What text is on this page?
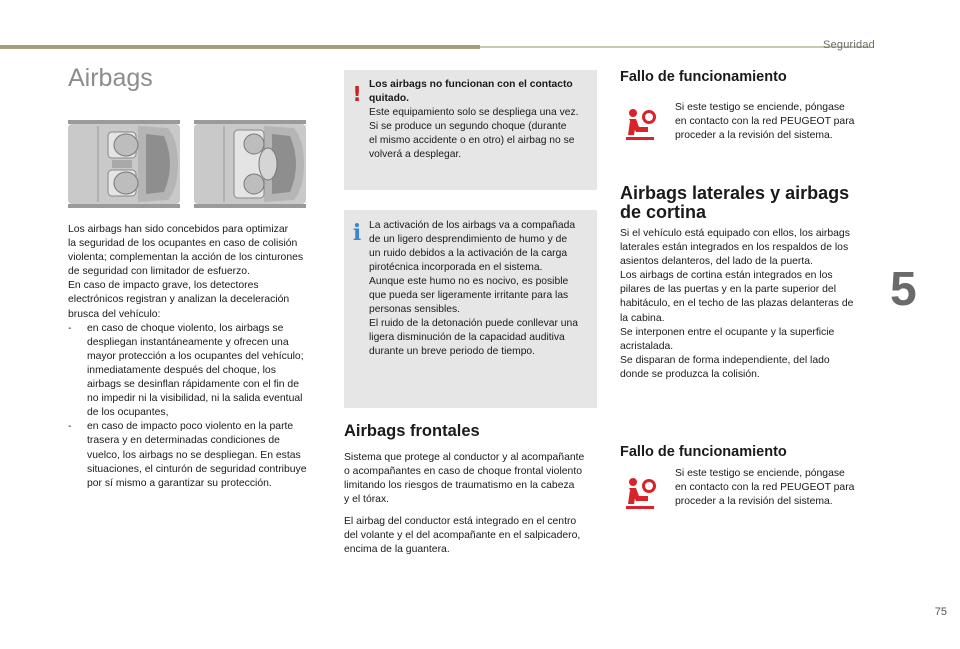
Seguridad
5
75
Airbags

Los airbags han sido concebidos para optimizar

la seguridad de los ocupantes en caso de colisión

violenta; complementan la acción de los cinturones

de seguridad con limitador de esfuerzo.

En caso de impacto grave, los detectores

electrónicos registran y analizan la deceleración

brusca del vehículo:

- en caso de choque violento, los airbags se

despliegan instantáneamente y ofrecen una

mayor protección a los ocupantes del vehículo;

inmediatamente después del choque, los

airbags se desinflan rápidamente con el fin de

no impedir ni la visibilidad, ni la salida eventual

de los ocupantes,

- en caso de impacto poco violento en la parte

trasera y en determinadas condiciones de

vuelco, los airbags no se despliegan. En estas

situaciones, el cinturón de seguridad contribuye

por sí mismo a garantizar su protección.

! Los airbags no funcionan con el contacto

quitado.

Este equipamiento solo se despliega una vez.

Si se produce un segundo choque (durante

el mismo accidente o en otro) el airbag no se

volverá a desplegar.

i La activación de los airbags va a compañada

de un ligero desprendimiento de humo y de

un ruido debidos a la activación de la carga

pirotécnica incorporada en el sistema.

Aunque este humo no es nocivo, es posible

que pueda ser ligeramente irritante para las

personas sensibles.

El ruido de la detonación puede conllevar una

ligera disminución de la capacidad auditiva

durante un breve periodo de tiempo.

Airbags frontales

Sistema que protege al conductor y al acompañante

o acompañantes en caso de choque frontal violento

limitando los riesgos de traumatismo en la cabeza

y el tórax.

El airbag del conductor está integrado en el centro

del volante y el del acompañante en el salpicadero,

encima de la guantera.

Fallo de funcionamiento

Si este testigo se enciende, póngase

en contacto con la red PEUGEOT para

proceder a la revisión del sistema.

Airbags laterales y airbags
de cortina

Si el vehículo está equipado con ellos, los airbags

laterales están integrados en los respaldos de los

asientos delanteros, del lado de la puerta.

Los airbags de cortina están integrados en los

pilares de las puertas y en la parte superior del

habitáculo, en el techo de las plazas delanteras de

la cabina.

Se interponen entre el ocupante y la superficie

acristalada.

Se disparan de forma independiente, del lado

donde se produzca la colisión.

Fallo de funcionamiento

Si este testigo se enciende, póngase

en contacto con la red PEUGEOT para

proceder a la revisión del sistema.
